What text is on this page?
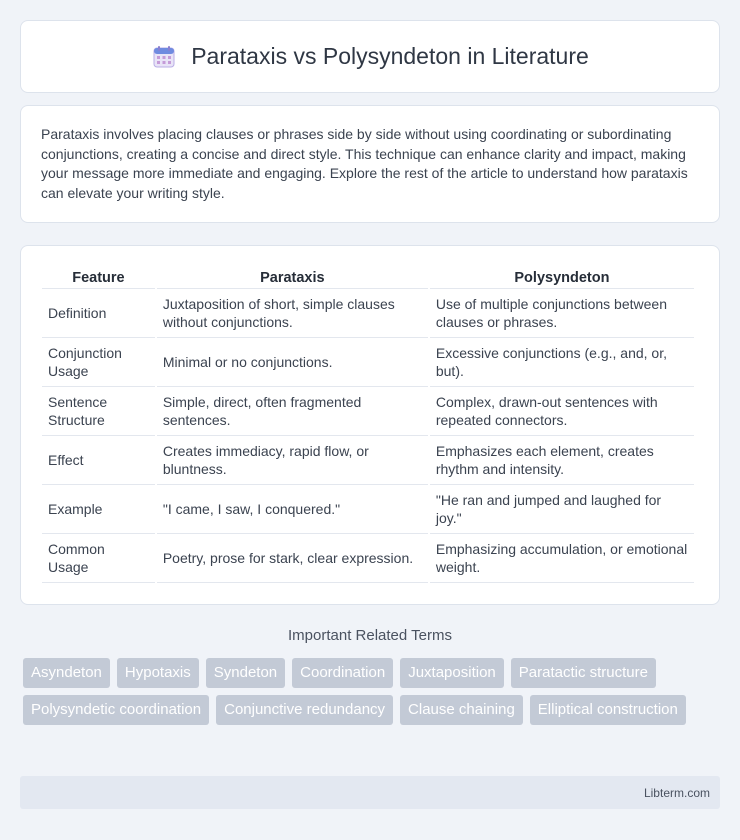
Parataxis vs Polysyndeton in Literature

Parataxis involves placing clauses or phrases side by side without using coordinating or subordinating conjunctions, creating a concise and direct style. This technique can enhance clarity and impact, making your message more immediate and engaging. Explore the rest of the article to understand how parataxis can elevate your writing style.

Feature	Parataxis	Polysyndeton
Definition	Juxtaposition of short, simple clauses without conjunctions.	Use of multiple conjunctions between clauses or phrases.
Conjunction Usage	Minimal or no conjunctions.	Excessive conjunctions (e.g., and, or, but).
Sentence Structure	Simple, direct, often fragmented sentences.	Complex, drawn-out sentences with repeated connectors.
Effect	Creates immediacy, rapid flow, or bluntness.	Emphasizes each element, creates rhythm and intensity.
Example	"I came, I saw, I conquered."	"He ran and jumped and laughed for joy."
Common Usage	Poetry, prose for stark, clear expression.	Emphasizing accumulation, or emotional weight.
Important Related Terms
Asyndeton	Hypotaxis	Syndeton	Coordination	Juxtaposition	Paratactic structure
Polysyndetic coordination	Conjunctive redundancy	Clause chaining	Elliptical construction
Libterm.com
